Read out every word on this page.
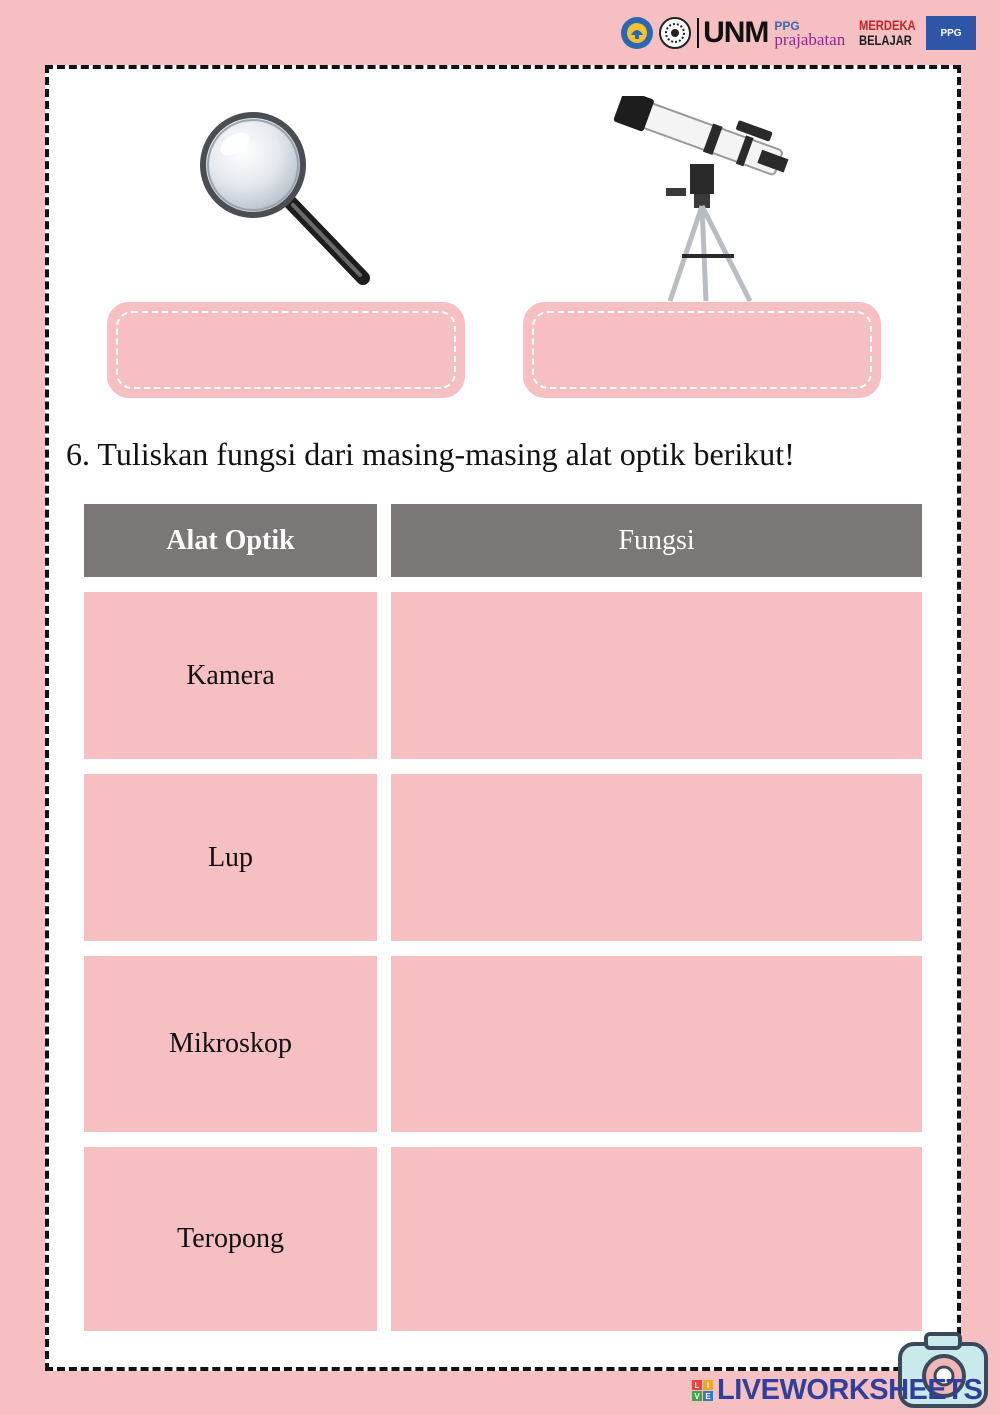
UNM PPG
prajabatan
MERDEKA
BELAJAR	PPG
6. Tuliskan fungsi dari masing-masing alat optik berikut!
Alat Optik	Fungsi
Kamera
Lup
Mikroskop
Teropong
L I
V E LIVEWORKSHEETS
